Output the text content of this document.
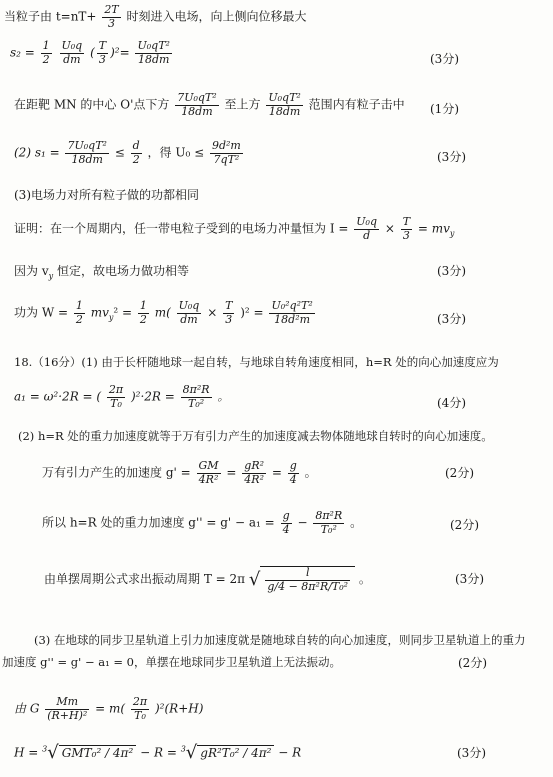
当粒子由 $t=nT+ \frac{2T}{3}$ 时刻进入电场，向上侧向位移最大
$s_2 = \frac{1}{2}$
$\frac{\text{U₀q}}{dm}$ ( $\frac{T}{3} )^2= \frac{\text{U₀qT²}}{18dm}$	(3分)
在距靶 MN 的中心 O'点下方 $\frac{\text{7U₀qT²}}{18dm}$ 至上方 $\frac{\text{U₀qT²}}{18dm}$ 范围内有粒子击中 (1分)
(2) $s_1 = \frac{\text{7U₀qT²}}{18dm} \le \frac{d}{2}$ ，得 $U_0 \le \frac{\text{9d²m}}{\text{7qT²}}$	(3分)
(3)电场力对所有粒子做的功都相同
证明：在一个周期内，任一带电粒子受到的电场力冲量恒为 $I = \frac{\text{U₀q}}{d} \times \frac{T}{3} = mv_y$
因为 $v_y$ 恒定，故电场力做功相等	(3分)
功为 $W = \frac{1}{2} mv_y^2 = \frac{1}{2} m( \frac{\text{U₀q}}{dm} \times \frac{T}{3} )^2 = \frac{\text{U₀²q²T²}}{\text{18d²m}}$	(3分)
18.（16分）(1) 由于长杆随地球一起自转，与地球自转角速度相同，h=R 处的向心加速度应为
a₁ = ω²·2R = ( $\frac{2\pi}{\text{T₀}} )^2\cdot 2R = \frac{\text{8π²R}}{\text{T₀²}}$ 。	(4分)
(2) h=R 处的重力加速度就等于万有引力产生的加速度减去物体随地球自转时的向心加速度。
万有引力产生的加速度 $g' = \frac{GM}{\text{4R²}} = \frac{\text{gR²}}{\text{4R²}} = \frac{g}{4}$ 。	(2分)
所以 h=R 处的重力加速度 $g'' = g' - a_1 = \frac{g}{4} - \frac{\text{8π²R}}{\text{T₀²}}$ 。	(2分)
由单摆周期公式求出振动周期 T = 2π √ $\frac{l}{\text{g/4 − 8π²R/T₀²}}$ 。	(3分)
(3) 在地球的同步卫星轨道上引力加速度就是随地球自转的向心加速度，则同步卫星轨道上的重力
加速度 g'' = g' − a₁ = 0，单摆在地球同步卫星轨道上无法振动。	(2分)
由 G $\frac{Mm}{\text{(R+H)²}} = m( \frac{2\pi}{\text{T₀}} )^2(R+H)$
H = $^3$√ GMT₀² / 4π² − R = $^3$√ gR²T₀² / 4π² − R	(3分)
